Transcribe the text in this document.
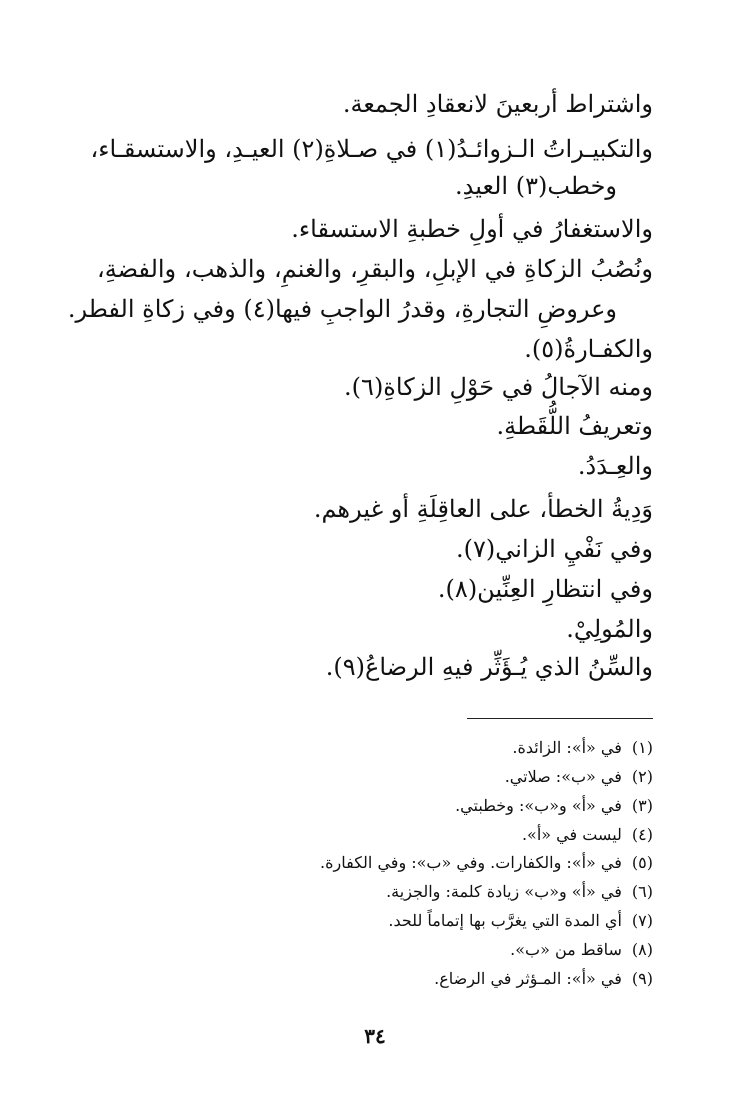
واشتراط أربعينَ لانعقادِ الجمعة.
والتكبيـراتُ الـزوائـدُ(١) في صـلاةِ(٢) العيـدِ، والاستسقـاء،
وخطب(٣) العيدِ.
والاستغفارُ في أولِ خطبةِ الاستسقاء.
ونُصُبُ الزكاةِ في الإبلِ، والبقرِ، والغنمِ، والذهب، والفضةِ،
وعروضِ التجارةِ، وقدرُ الواجبِ فيها(٤) وفي زكاةِ الفطر.
والكفـارةُ(٥).
ومنه الآجالُ في حَوْلِ الزكاةِ(٦).
وتعريفُ اللُّقَطةِ.
والعِـدَدُ.
وَدِيةُ الخطأ، على العاقِلَةِ أو غيرهم.
وفي نَفْيِ الزاني(٧).
وفي انتظارِ العِنِّين(٨).
والمُولِيْ.
والسِّنُ الذي يُـؤَثِّر فيهِ الرضاعُ(٩).
(١)في «أ»: الزائدة.
(٢)في «ب»: صلاتي.
(٣)في «أ» و«ب»: وخطبتي.
(٤)ليست في «أ».
(٥)في «أ»: والكفارات. وفي «ب»: وفي الكفارة.
(٦)في «أ» و«ب» زيادة كلمة: والجزية.
(٧)أي المدة التي يغرَّب بها إتماماً للحد.
(٨)ساقط من «ب».
(٩)في «أ»: المـؤثر في الرضاع.
٣٤
